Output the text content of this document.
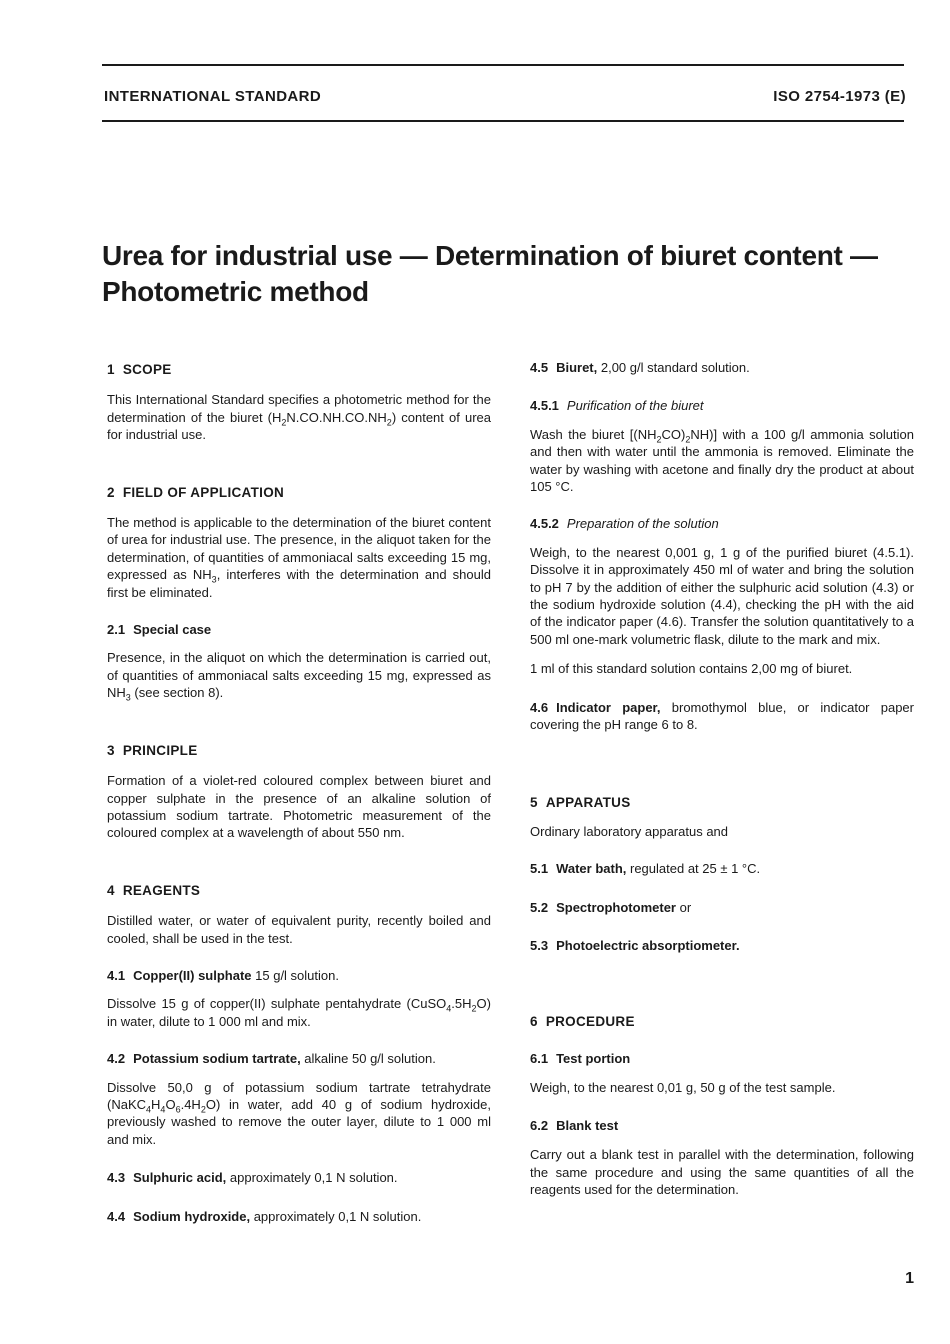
INTERNATIONAL STANDARD	ISO 2754-1973 (E)
Urea for industrial use — Determination of biuret content —
Photometric method
1 SCOPE

This International Standard specifies a photometric method for the determination of the biuret $(H_2N.CO.NH.CO.NH_2)$ content of urea for industrial use.

2 FIELD OF APPLICATION

The method is applicable to the determination of the biuret content of urea for industrial use. The presence, in the aliquot taken for the determination, of quantities of ammoniacal salts exceeding 15 mg, expressed as $NH_3$, interferes with the determination and should first be eliminated.

2.1 Special case

Presence, in the aliquot on which the determination is carried out, of quantities of ammoniacal salts exceeding 15 mg, expressed as $NH_3$ (see section 8).

3 PRINCIPLE

Formation of a violet-red coloured complex between biuret and copper sulphate in the presence of an alkaline solution of potassium sodium tartrate. Photometric measurement of the coloured complex at a wavelength of about 550 nm.

4 REAGENTS

Distilled water, or water of equivalent purity, recently boiled and cooled, shall be used in the test.

4.1 Copper(II) sulphate 15 g/l solution.

Dissolve 15 g of copper(II) sulphate pentahydrate $(CuSO_4.5H_2O)$ in water, dilute to 1 000 ml and mix.

4.2 Potassium sodium tartrate, alkaline 50 g/l solution.

Dissolve 50,0 g of potassium sodium tartrate tetrahydrate $(NaKC_4H_4O_6.4H_2O)$ in water, add 40 g of sodium hydroxide, previously washed to remove the outer layer, dilute to 1 000 ml and mix.

4.3 Sulphuric acid, approximately 0,1 N solution.
4.4 Sodium hydroxide, approximately 0,1 N solution.
4.5 Biuret, 2,00 g/l standard solution.
4.5.1 Purification of the biuret

Wash the biuret $[(NH_2CO)_2NH)$] with a 100 g/l ammonia solution and then with water until the ammonia is removed. Eliminate the water by washing with acetone and finally dry the product at about 105 °C.

4.5.2 Preparation of the solution

Weigh, to the nearest 0,001 g, 1 g of the purified biuret (4.5.1). Dissolve it in approximately 450 ml of water and bring the solution to pH 7 by the addition of either the sulphuric acid solution (4.3) or the sodium hydroxide solution (4.4), checking the pH with the aid of the indicator paper (4.6). Transfer the solution quantitatively to a 500 ml one-mark volumetric flask, dilute to the mark and mix.

1 ml of this standard solution contains 2,00 mg of biuret.

4.6 Indicator paper, bromothymol blue, or indicator paper covering the pH range 6 to 8.

5 APPARATUS

Ordinary laboratory apparatus and

5.1 Water bath, regulated at 25 ± 1 °C.
5.2 Spectrophotometer or
5.3 Photoelectric absorptiometer.
6 PROCEDURE
6.1 Test portion

Weigh, to the nearest 0,01 g, 50 g of the test sample.

6.2 Blank test

Carry out a blank test in parallel with the determination, following the same procedure and using the same quantities of all the reagents used for the determination.

1
